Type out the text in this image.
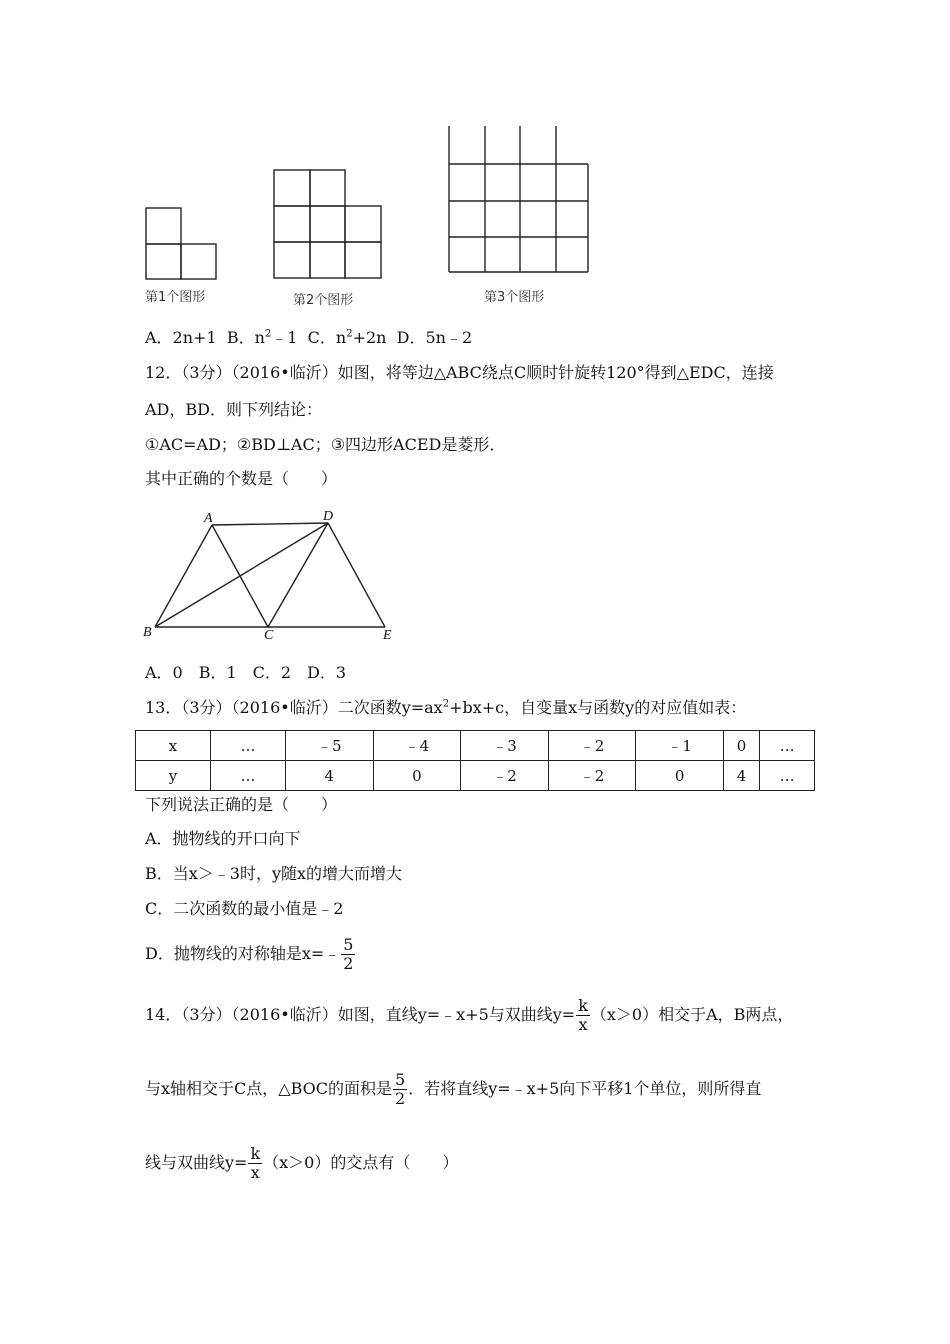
第1个图形	第2个图形	第3个图形
A．2n+1 B．$n^2﹣1$ C．$n^2+2n$ D．5n﹣2
12．（3分）（2016•临沂）如图，将等边△ABC绕点C顺时针旋转120°得到△EDC，连接
AD，BD．则下列结论：
①AC=AD；②BD⊥AC；③四边形ACED是菱形．
其中正确的个数是（　　）
A	D
B	C	E
A．0　B．1　C．2　D．3
13．（3分）（2016•临沂）二次函数$y=ax^2+bx+c$，自变量x与函数y的对应值如表：
x	…	﹣5	﹣4	﹣3	﹣2	﹣1	0	…
y	…	4	0	﹣2	﹣2	0	4	…
下列说法正确的是（　　）
A．抛物线的开口向下
B．当x＞﹣3时，y随x的增大而增大
C．二次函数的最小值是﹣2
D．抛物线的对称轴是x=﹣ $\frac{5}{2}$
14．（3分）（2016•临沂）如图，直线y=﹣x+5与双曲线$y= \frac{k}{x} (x>0)$相交于A，B两点，
与x轴相交于C点，△BOC的面积是 $\frac{5}{2}$ ．若将直线y=﹣x+5向下平移1个单位，则所得直
线与双曲线$y= \frac{k}{x} (x>0)$的交点有（　　）
